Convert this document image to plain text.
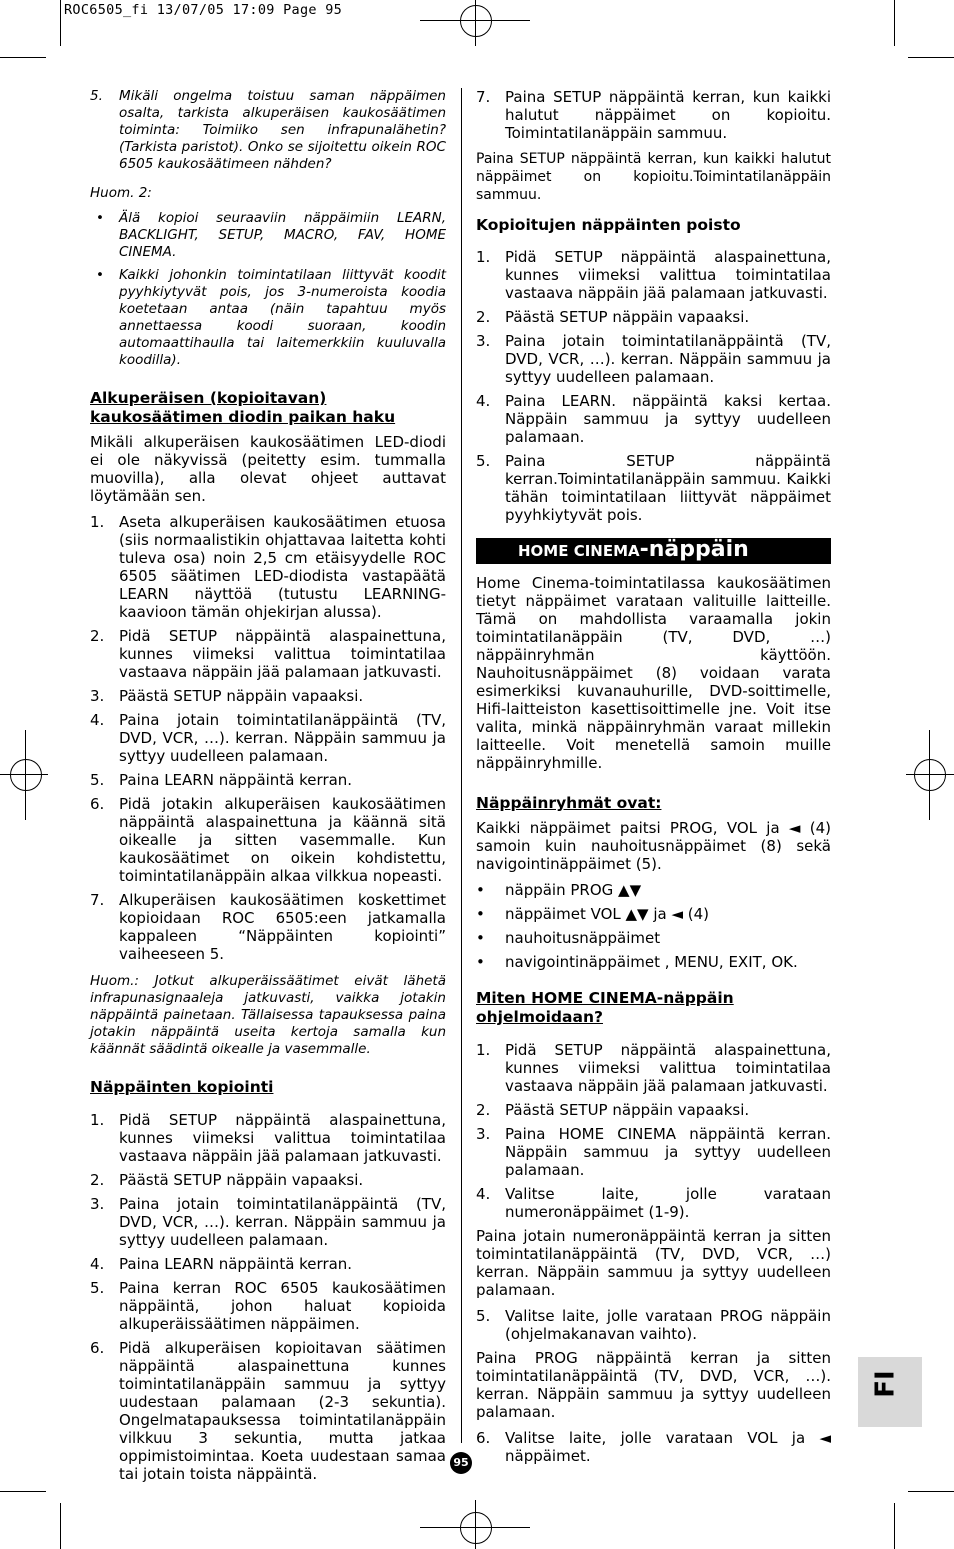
ROC6505_fi 13/07/05 17:09 Page 95
5. Mikäli ongelma toistuu saman näppäimen osalta, tarkista alkuperäisen kaukosäätimen toiminta: Toimiiko sen infrapunalähetin? (Tarkista paristot). Onko se sijoitettu oikein ROC 6505 kaukosäätimeen nähden?

Huom. 2:

• Älä kopioi seuraaviin näppäimiin LEARN, BACKLIGHT, SETUP, MACRO, FAV, HOME CINEMA.
• Kaikki johonkin toimintatilaan liittyvät koodit pyyhkiytyvät pois, jos 3-numeroista koodia koetetaan antaa (näin tapahtuu myös annettaessa koodi suoraan, koodin automaattihaulla tai laitemerkkiin kuuluvalla koodilla).
Alkuperäisen (kopioitavan) kaukosäätimen diodin paikan haku

Mikäli alkuperäisen kaukosäätimen LED-diodi ei ole näkyvissä (peitetty esim. tummalla muovilla), alla olevat ohjeet auttavat löytämään sen.

1. Aseta alkuperäisen kaukosäätimen etuosa (siis normaalistikin ohjattavaa laitetta kohti tuleva osa) noin 2,5 cm etäisyydelle ROC 6505 säätimen LED-diodista vastapäätä LEARN näyttöä (tutustu LEARNING-kaavioon tämän ohjekirjan alussa).
2. Pidä SETUP näppäintä alaspainettuna, kunnes viimeksi valittua toimintatilaa vastaava näppäin jää palamaan jatkuvasti.
3. Päästä SETUP näppäin vapaaksi.
4. Paina jotain toimintatilanäppäintä (TV, DVD, VCR, …). kerran. Näppäin sammuu ja syttyy uudelleen palamaan.
5. Paina LEARN näppäintä kerran.
6. Pidä jotakin alkuperäisen kaukosäätimen näppäintä alaspainettuna ja käännä sitä oikealle ja sitten vasemmalle. Kun kaukosäätimet on oikein kohdistettu, toimintatilanäppäin alkaa vilkkua nopeasti.
7. Alkuperäisen kaukosäätimen koskettimet kopioidaan ROC 6505:een jatkamalla kappaleen “Näppäinten kopiointi” vaiheeseen 5.

Huom.: Jotkut alkuperäissäätimet eivät lähetä infrapunasignaaleja jatkuvasti, vaikka jotakin näppäintä painetaan. Tällaisessa tapauksessa paina jotakin näppäintä useita kertoja samalla kun käännät säädintä oikealle ja vasemmalle.

Näppäinten kopiointi
1. Pidä SETUP näppäintä alaspainettuna, kunnes viimeksi valittua toimintatilaa vastaava näppäin jää palamaan jatkuvasti.
2. Päästä SETUP näppäin vapaaksi.
3. Paina jotain toimintatilanäppäintä (TV, DVD, VCR, …). kerran. Näppäin sammuu ja syttyy uudelleen palamaan.
4. Paina LEARN näppäintä kerran.
5. Paina kerran ROC 6505 kaukosäätimen näppäintä, johon haluat kopioida alkuperäissäätimen näppäimen.
6. Pidä alkuperäisen kopioitavan säätimen näppäintä alaspainettuna kunnes toimintatilanäppäin sammuu ja syttyy uudestaan palamaan (2-3 sekuntia). Ongelmatapauksessa toimintatilanäppäin vilkkuu 3 sekuntia, mutta jatkaa oppimistoimintaa. Koeta uudestaan samaa tai jotain toista näppäintä.
7. Paina SETUP näppäintä kerran, kun kaikki halutut näppäimet on kopioitu. Toimintatilanäppäin sammuu.

Paina SETUP näppäintä kerran, kun kaikki halutut näppäimet on kopioitu.Toimintatilanäppäin sammuu.

Kopioitujen näppäinten poisto
1. Pidä SETUP näppäintä alaspainettuna, kunnes viimeksi valittua toimintatilaa vastaava näppäin jää palamaan jatkuvasti.
2. Päästä SETUP näppäin vapaaksi.
3. Paina jotain toimintatilanäppäintä (TV, DVD, VCR, …). kerran. Näppäin sammuu ja syttyy uudelleen palamaan.
4. Paina LEARN. näppäintä kaksi kertaa. Näppäin sammuu ja syttyy uudelleen palamaan.
5. Paina SETUP näppäintä kerran.Toimintatilanäppäin sammuu. Kaikki tähän toimintatilaan liittyvät näppäimet pyyhkiytyvät pois.
HOME CINEMA-näppäin

Home Cinema-toimintatilassa kaukosäätimen tietyt näppäimet varataan valituille laitteille. Tämä on mahdollista varaamalla jokin toimintatilanäppäin (TV, DVD, …) näppäinryhmän käyttöön. Nauhoitusnäppäimet (8) voidaan varata esimerkiksi kuvanauhurille, DVD-soittimelle, Hifi-laitteiston kasettisoittimelle jne. Voit itse valita, minkä näppäinryhmän varaat millekin laitteelle. Voit menetellä samoin muille näppäinryhmille.

Näppäinryhmät ovat:

Kaikki näppäimet paitsi PROG, VOL ja ◄ (4) samoin kuin nauhoitusnäppäimet (8) sekä navigointinäppäimet (5).

• näppäin PROG ▲▼
• näppäimet VOL ▲▼ ja ◄ (4)
• nauhoitusnäppäimet
• navigointinäppäimet , MENU, EXIT, OK.
Miten HOME CINEMA-näppäin ohjelmoidaan?
1. Pidä SETUP näppäintä alaspainettuna, kunnes viimeksi valittua toimintatilaa vastaava näppäin jää palamaan jatkuvasti.
2. Päästä SETUP näppäin vapaaksi.
3. Paina HOME CINEMA näppäintä kerran. Näppäin sammuu ja syttyy uudelleen palamaan.
4. Valitse laite, jolle varataan numeronäppäimet (1-9).

Paina jotain numeronäppäintä kerran ja sitten toimintatilanäppäintä (TV, DVD, VCR, …) kerran. Näppäin sammuu ja syttyy uudelleen palamaan.

5. Valitse laite, jolle varataan PROG näppäin (ohjelmakanavan vaihto).

Paina PROG näppäintä kerran ja sitten toimintatilanäppäintä (TV, DVD, VCR, …). kerran. Näppäin sammuu ja syttyy uudelleen palamaan.

6. Valitse laite, jolle varataan VOL ja ◄ näppäimet.
FI
95
